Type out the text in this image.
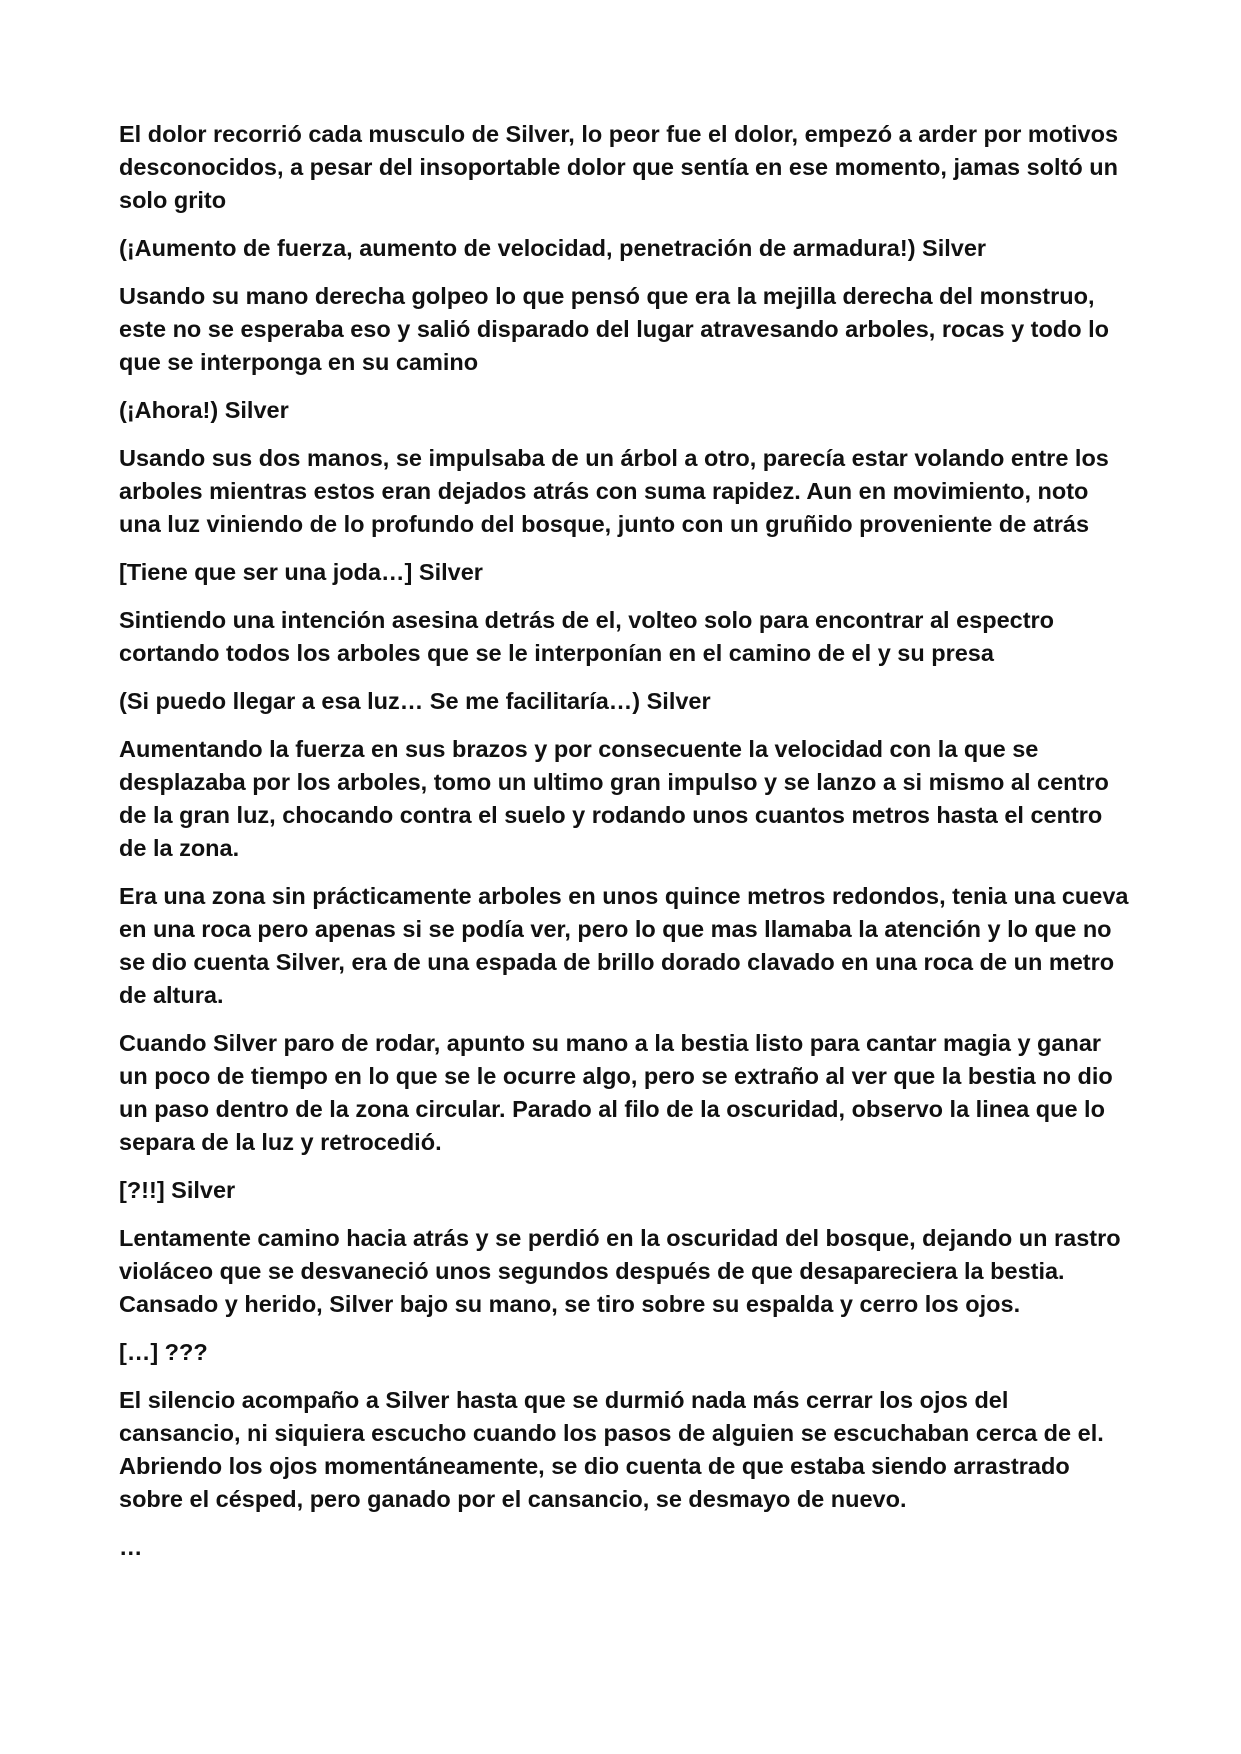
El dolor recorrió cada musculo de Silver, lo peor fue el dolor, empezó a arder por motivos desconocidos, a pesar del insoportable dolor que sentía en ese momento, jamas soltó un solo grito

(¡Aumento de fuerza, aumento de velocidad, penetración de armadura!) Silver

Usando su mano derecha golpeo lo que pensó que era la mejilla derecha del monstruo, este no se esperaba eso y salió disparado del lugar atravesando arboles, rocas y todo lo que se interponga en su camino

(¡Ahora!) Silver

Usando sus dos manos, se impulsaba de un árbol a otro, parecía estar volando entre los arboles mientras estos eran dejados atrás con suma rapidez. Aun en movimiento, noto una luz viniendo de lo profundo del bosque, junto con un gruñido proveniente de atrás

[Tiene que ser una joda…] Silver

Sintiendo una intención asesina detrás de el, volteo solo para encontrar al espectro cortando todos los arboles que se le interponían en el camino de el y su presa

(Si puedo llegar a esa luz… Se me facilitaría…) Silver

Aumentando la fuerza en sus brazos y por consecuente la velocidad con la que se desplazaba por los arboles, tomo un ultimo gran impulso y se lanzo a si mismo al centro de la gran luz, chocando contra el suelo y rodando unos cuantos metros hasta el centro de la zona.

Era una zona sin prácticamente arboles en unos quince metros redondos, tenia una cueva en una roca pero apenas si se podía ver, pero lo que mas llamaba la atención y lo que no se dio cuenta Silver, era de una espada de brillo dorado clavado en una roca de un metro de altura.

Cuando Silver paro de rodar, apunto su mano a la bestia listo para cantar magia y ganar un poco de tiempo en lo que se le ocurre algo, pero se extraño al ver que la bestia no dio un paso dentro de la zona circular. Parado al filo de la oscuridad, observo la linea que lo separa de la luz y retrocedió.

[?!!] Silver

Lentamente camino hacia atrás y se perdió en la oscuridad del bosque, dejando un rastro violáceo que se desvaneció unos segundos después de que desapareciera la bestia. Cansado y herido, Silver bajo su mano, se tiro sobre su espalda y cerro los ojos.

[…] ???

El silencio acompaño a Silver hasta que se durmió nada más cerrar los ojos del cansancio, ni siquiera escucho cuando los pasos de alguien se escuchaban cerca de el. Abriendo los ojos momentáneamente, se dio cuenta de que estaba siendo arrastrado sobre el césped, pero ganado por el cansancio, se desmayo de nuevo.

…
